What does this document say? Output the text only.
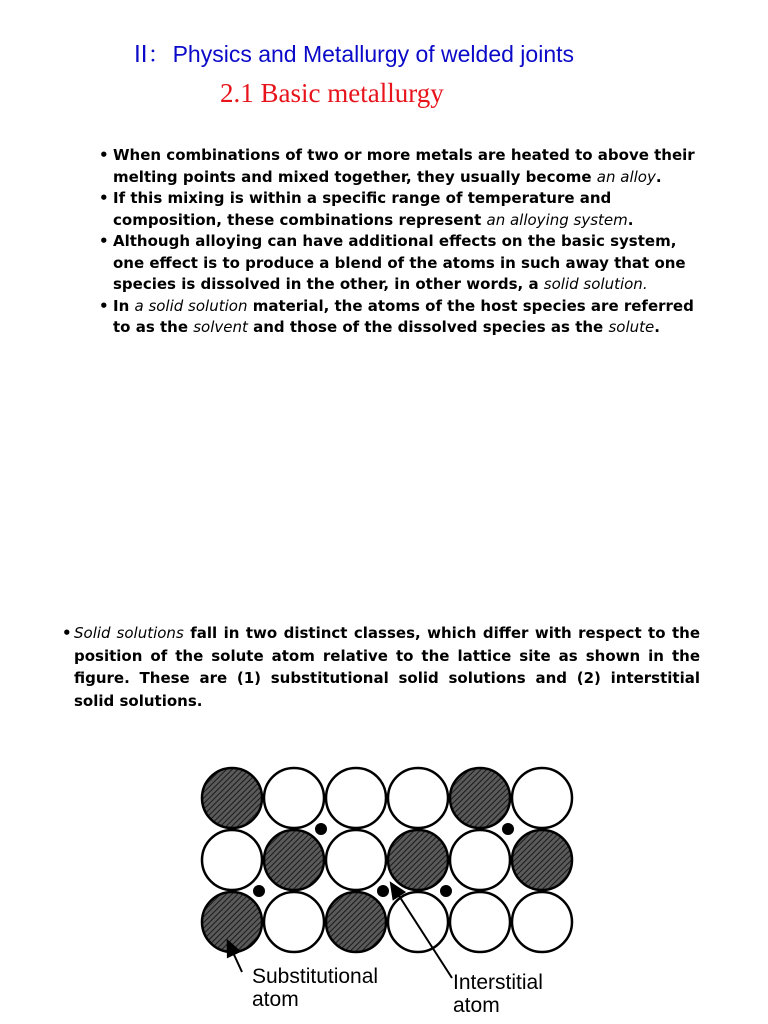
II：Physics and Metallurgy of welded joints
2.1 Basic metallurgy
• When combinations of two or more metals are heated to above their melting points and mixed together, they usually become an alloy.
• If this mixing is within a specific range of temperature and composition, these combinations represent an alloying system.
• Although alloying can have additional effects on the basic system, one effect is to produce a blend of the atoms in such away that one species is dissolved in the other, in other words, a solid solution.
• In a solid solution material, the atoms of the host species are referred to as the solvent and those of the dissolved species as the solute.
• Solid solutions fall in two distinct classes, which differ with respect to the position of the solute atom relative to the lattice site as shown in the figure. These are (1) substitutional solid solutions and (2) interstitial solid solutions.
Substitutional
atom
Interstitial
atom
